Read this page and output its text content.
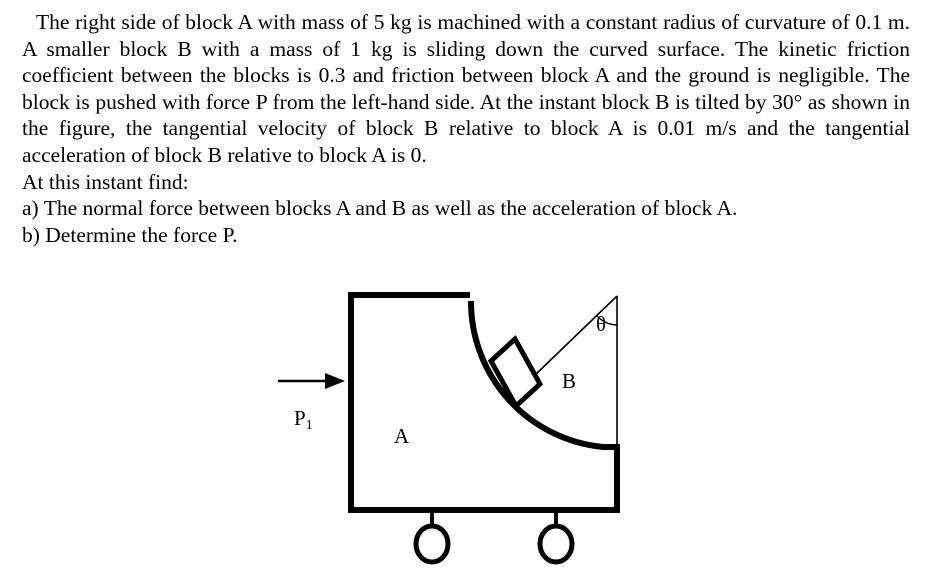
The right side of block A with mass of 5 kg is machined with a constant radius of curvature of 0.1 m. A smaller block B with a mass of 1 kg is sliding down the curved surface. The kinetic friction coefficient between the blocks is 0.3 and friction between block A and the ground is negligible. The block is pushed with force P from the left-hand side. At the instant block B is tilted by 30° as shown in the figure, the tangential velocity of block B relative to block A is 0.01 m/s and the tangential acceleration of block B relative to block A is 0.

At this instant find:

a) The normal force between blocks A and B as well as the acceleration of block A.

b) Determine the force P.

P1	A
B
θ
